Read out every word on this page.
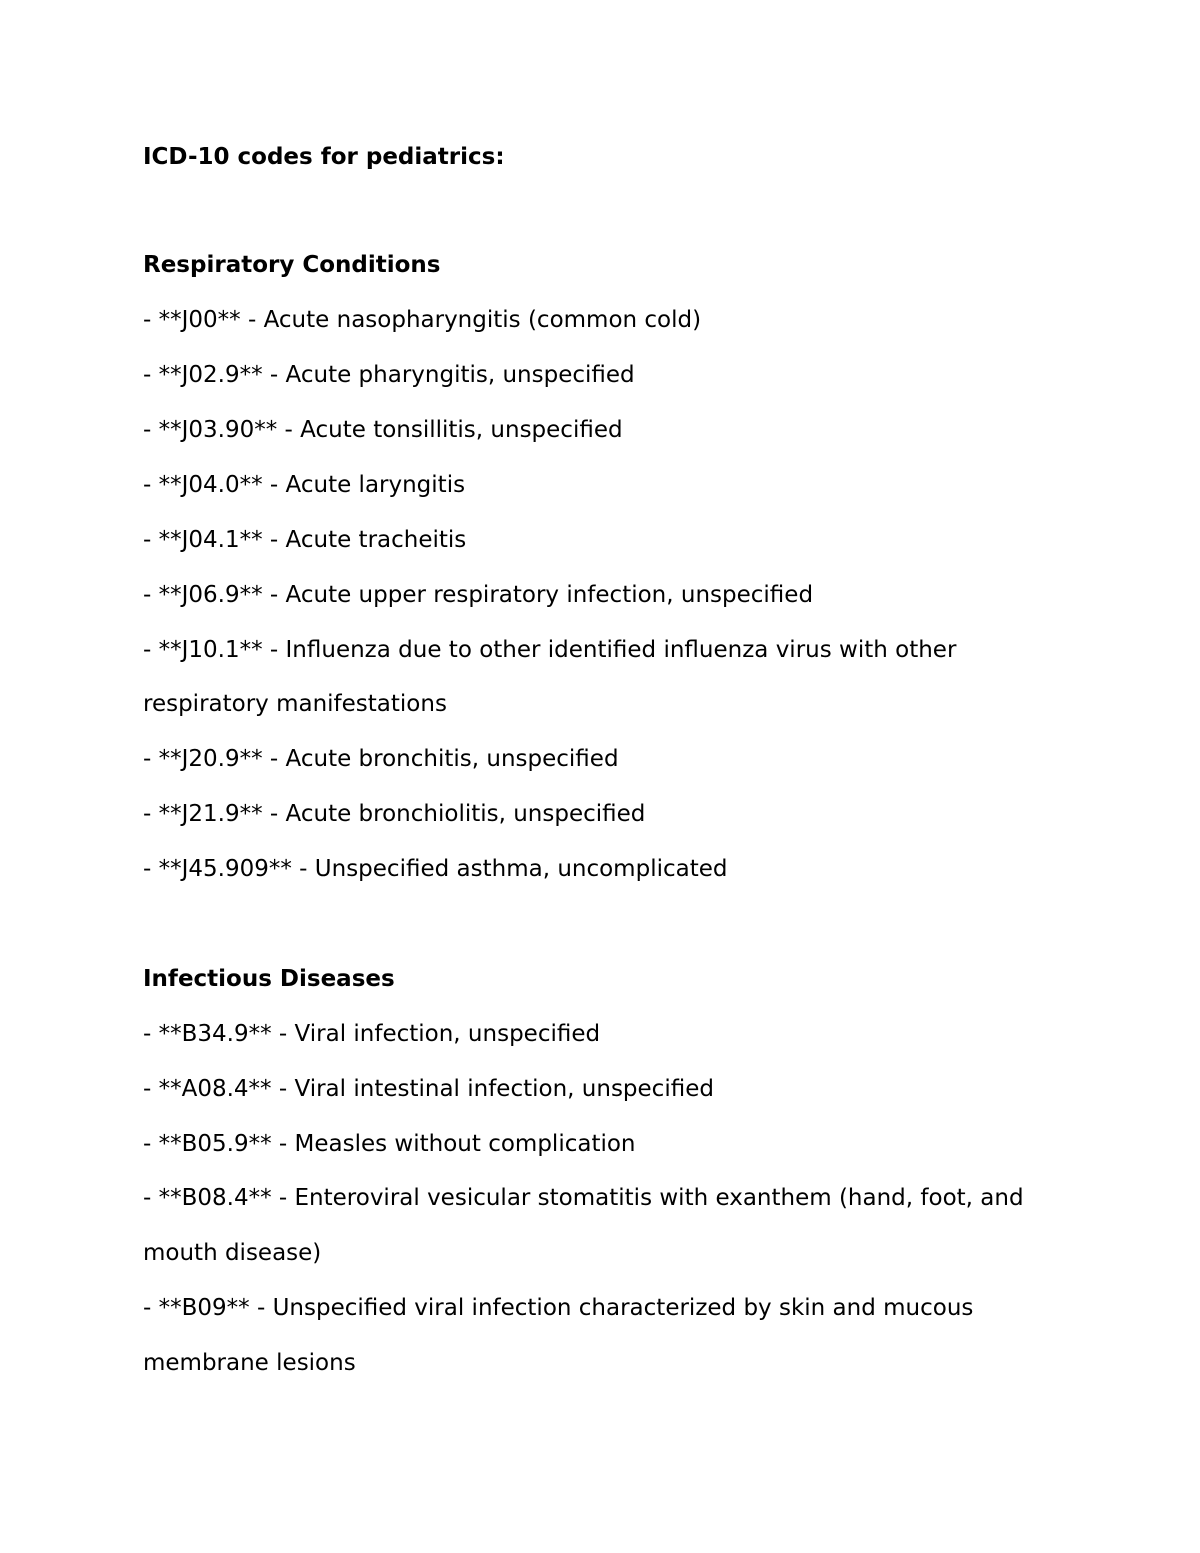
ICD-10 codes for pediatrics:

Respiratory Conditions

- **J00** - Acute nasopharyngitis (common cold)

- **J02.9** - Acute pharyngitis, unspecified

- **J03.90** - Acute tonsillitis, unspecified

- **J04.0** - Acute laryngitis

- **J04.1** - Acute tracheitis

- **J06.9** - Acute upper respiratory infection, unspecified

- **J10.1** - Influenza due to other identified influenza virus with other

respiratory manifestations

- **J20.9** - Acute bronchitis, unspecified

- **J21.9** - Acute bronchiolitis, unspecified

- **J45.909** - Unspecified asthma, uncomplicated

Infectious Diseases

- **B34.9** - Viral infection, unspecified

- **A08.4** - Viral intestinal infection, unspecified

- **B05.9** - Measles without complication

- **B08.4** - Enteroviral vesicular stomatitis with exanthem (hand, foot, and

mouth disease)

- **B09** - Unspecified viral infection characterized by skin and mucous

membrane lesions
